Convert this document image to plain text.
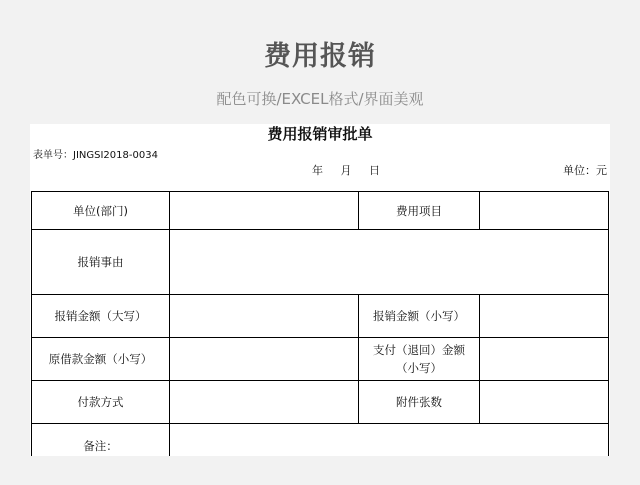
费用报销
配色可换/EXCEL格式/界面美观
费用报销审批单
表单号：JINGSI2018-0034
年 月 日	单位：元
单位(部门)		费用项目	
报销事由			
报销金额（大写）		报销金额（小写）	
原借款金额（小写）		支付（退回）金额（小写）	
付款方式		附件张数	
备注：			
